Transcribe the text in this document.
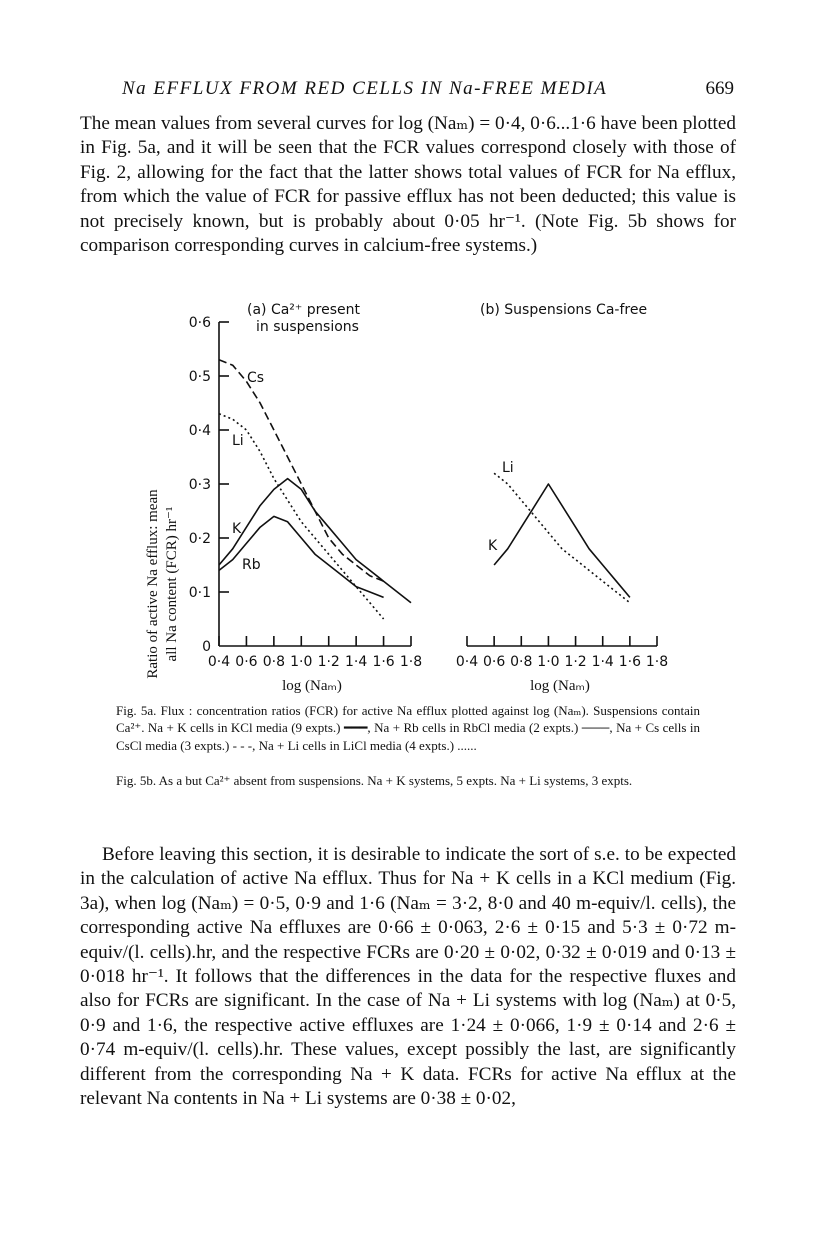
Na EFFLUX FROM RED CELLS IN Na-FREE MEDIA	669

The mean values from several curves for log (Naₘ) = 0·4, 0·6...1·6 have been plotted in Fig. 5a, and it will be seen that the FCR values correspond closely with those of Fig. 2, allowing for the fact that the latter shows total values of FCR for Na efflux, from which the value of FCR for passive efflux has not been deducted; this value is not precisely known, but is probably about 0·05 hr⁻¹. (Note Fig. 5b shows for comparison corresponding curves in calcium-free systems.)

Ratio of active Na efflux: mean all Na content (FCR) hr⁻¹
(a) Ca²⁺ present
in suspensions
(b) Suspensions Ca-free
0·4 0·6 0·8 1·0 1·2 1·4 1·6 1·8
0
0·1
0·2
0·3
0·4
0·5
0·6
0·4 0·6 0·8 1·0 1·2 1·4 1·6 1·8
Cs
Li
K
Rb
Li
K
log (Naₘ)	log (Naₘ)

Fig. 5a. Flux : concentration ratios (FCR) for active Na efflux plotted against log (Naₘ). Suspensions contain Ca²⁺. Na + K cells in KCl media (9 expts.) ━━━, Na + Rb cells in RbCl media (2 expts.) ───, Na + Cs cells in CsCl media (3 expts.) - - -, Na + Li cells in LiCl media (4 expts.) ......

Fig. 5b. As a but Ca²⁺ absent from suspensions. Na + K systems, 5 expts. Na + Li systems, 3 expts.

Before leaving this section, it is desirable to indicate the sort of s.e. to be expected in the calculation of active Na efflux. Thus for Na + K cells in a KCl medium (Fig. 3a), when log (Naₘ) = 0·5, 0·9 and 1·6 (Naₘ = 3·2, 8·0 and 40 m-equiv/l. cells), the corresponding active Na effluxes are 0·66 ± 0·063, 2·6 ± 0·15 and 5·3 ± 0·72 m-equiv/(l. cells).hr, and the respective FCRs are 0·20 ± 0·02, 0·32 ± 0·019 and 0·13 ± 0·018 hr⁻¹. It follows that the differences in the data for the respective fluxes and also for FCRs are significant. In the case of Na + Li systems with log (Naₘ) at 0·5, 0·9 and 1·6, the respective active effluxes are 1·24 ± 0·066, 1·9 ± 0·14 and 2·6 ± 0·74 m-equiv/(l. cells).hr. These values, except possibly the last, are significantly different from the corresponding Na + K data. FCRs for active Na efflux at the relevant Na contents in Na + Li systems are 0·38 ± 0·02,
